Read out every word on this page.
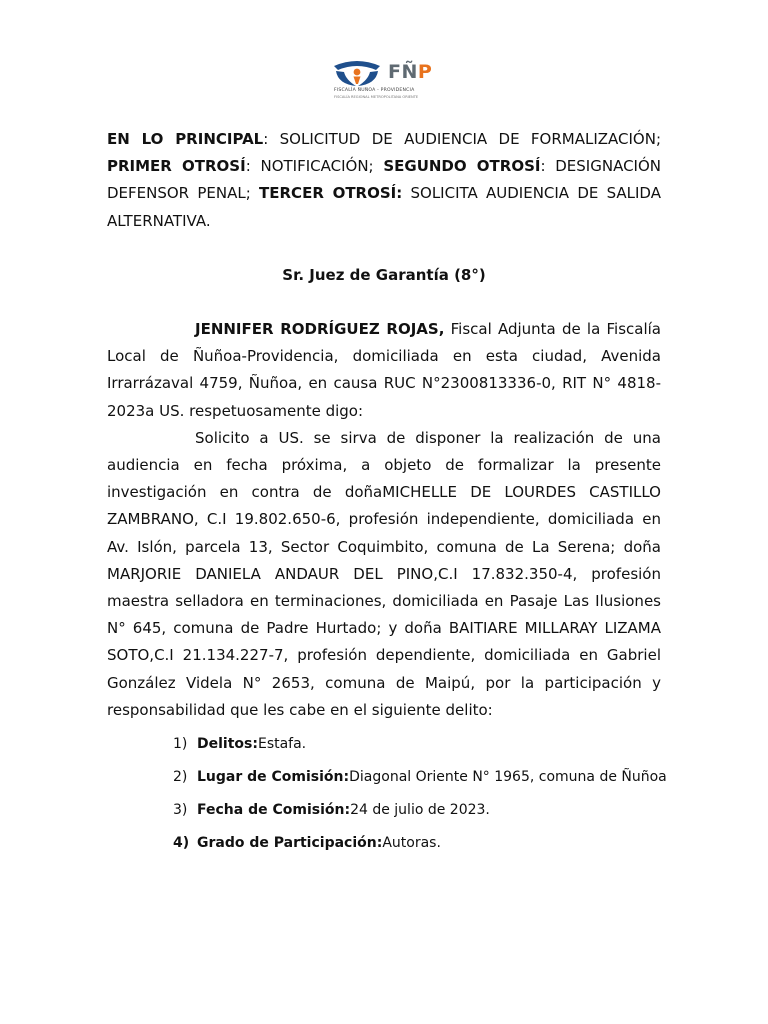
FÑP
FISCALÍA ÑUÑOA - PROVIDENCIA
FISCALÍA REGIONAL METROPOLITANA ORIENTE

EN LO PRINCIPAL: SOLICITUD DE AUDIENCIA DE FORMALIZACIÓN; PRIMER OTROSÍ: NOTIFICACIÓN; SEGUNDO OTROSÍ: DESIGNACIÓN DEFENSOR PENAL; TERCER OTROSÍ: SOLICITA AUDIENCIA DE SALIDA ALTERNATIVA.

Sr. Juez de Garantía (8°)

JENNIFER RODRÍGUEZ ROJAS, Fiscal Adjunta de la Fiscalía Local de Ñuñoa-Providencia, domiciliada en esta ciudad, Avenida Irrarrázaval 4759, Ñuñoa, en causa RUC N°2300813336-0, RIT N° 4818-2023a US. respetuosamente digo:

Solicito a US. se sirva de disponer la realización de una audiencia en fecha próxima, a objeto de formalizar la presente investigación en contra de doñaMICHELLE DE LOURDES CASTILLO ZAMBRANO, C.I 19.802.650-6, profesión independiente, domiciliada en Av. Islón, parcela 13, Sector Coquimbito, comuna de La Serena; doña MARJORIE DANIELA ANDAUR DEL PINO,C.I 17.832.350-4, profesión maestra selladora en terminaciones, domiciliada en Pasaje Las Ilusiones N° 645, comuna de Padre Hurtado; y doña BAITIARE MILLARAY LIZAMA SOTO,C.I 21.134.227-7, profesión dependiente, domiciliada en Gabriel González Videla N° 2653, comuna de Maipú, por la participación y responsabilidad que les cabe en el siguiente delito:

1) Delitos:Estafa.
2) Lugar de Comisión:Diagonal Oriente N° 1965, comuna de Ñuñoa
3) Fecha de Comisión:24 de julio de 2023.
4) Grado de Participación:Autoras.
